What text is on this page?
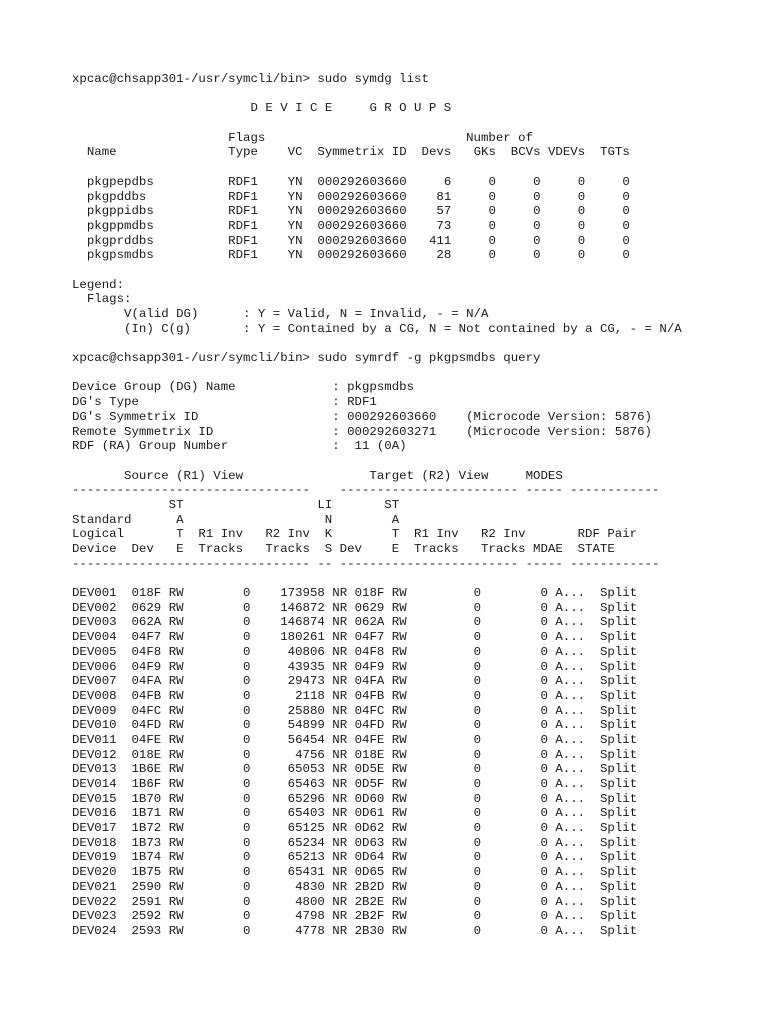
xpcac@chsapp301-/usr/symcli/bin> sudo symdg list
D E V I C E     G R O U P S
Flags	Number of
Name               Type    VC  Symmetrix ID  Devs   GKs  BCVs VDEVs  TGTs
pkgpepdbs          RDF1    YN  000292603660     6     0     0     0     0
pkgpddbs           RDF1    YN  000292603660    81     0     0     0     0
pkgppidbs          RDF1    YN  000292603660    57     0     0     0     0
pkgppmdbs          RDF1    YN  000292603660    73     0     0     0     0
pkgprddbs          RDF1    YN  000292603660   411     0     0     0     0
pkgpsmdbs          RDF1    YN  000292603660    28     0     0     0     0
Legend:
Flags:
V(alid DG)      : Y = Valid, N = Invalid, - = N/A
(In) C(g)       : Y = Contained by a CG, N = Not contained by a CG, - = N/A
xpcac@chsapp301-/usr/symcli/bin> sudo symrdf -g pkgpsmdbs query
Device Group (DG) Name             : pkgpsmdbs
DG's Type                          : RDF1
DG's Symmetrix ID                  : 000292603660    (Microcode Version: 5876)
Remote Symmetrix ID                : 000292603271    (Microcode Version: 5876)
RDF (RA) Group Number              :  11 (0A)
Source (R1) View                 Target (R2) View     MODES
--------------------------------    ------------------------ ----- ------------
ST                  LI       ST
Standard      A                   N        A
Logical       T  R1 Inv   R2 Inv  K        T  R1 Inv   R2 Inv       RDF Pair
Device  Dev   E  Tracks   Tracks  S Dev    E  Tracks   Tracks MDAE  STATE
-------------------------------- -- ------------------------ ----- ------------
DEV001  018F RW        0    173958 NR 018F RW         0        0 A...  Split
DEV002  0629 RW        0    146872 NR 0629 RW         0        0 A...  Split
DEV003  062A RW        0    146874 NR 062A RW         0        0 A...  Split
DEV004  04F7 RW        0    180261 NR 04F7 RW         0        0 A...  Split
DEV005  04F8 RW        0     40806 NR 04F8 RW         0        0 A...  Split
DEV006  04F9 RW        0     43935 NR 04F9 RW         0        0 A...  Split
DEV007  04FA RW        0     29473 NR 04FA RW         0        0 A...  Split
DEV008  04FB RW        0      2118 NR 04FB RW         0        0 A...  Split
DEV009  04FC RW        0     25880 NR 04FC RW         0        0 A...  Split
DEV010  04FD RW        0     54899 NR 04FD RW         0        0 A...  Split
DEV011  04FE RW        0     56454 NR 04FE RW         0        0 A...  Split
DEV012  018E RW        0      4756 NR 018E RW         0        0 A...  Split
DEV013  1B6E RW        0     65053 NR 0D5E RW         0        0 A...  Split
DEV014  1B6F RW        0     65463 NR 0D5F RW         0        0 A...  Split
DEV015  1B70 RW        0     65296 NR 0D60 RW         0        0 A...  Split
DEV016  1B71 RW        0     65403 NR 0D61 RW         0        0 A...  Split
DEV017  1B72 RW        0     65125 NR 0D62 RW         0        0 A...  Split
DEV018  1B73 RW        0     65234 NR 0D63 RW         0        0 A...  Split
DEV019  1B74 RW        0     65213 NR 0D64 RW         0        0 A...  Split
DEV020  1B75 RW        0     65431 NR 0D65 RW         0        0 A...  Split
DEV021  2590 RW        0      4830 NR 2B2D RW         0        0 A...  Split
DEV022  2591 RW        0      4800 NR 2B2E RW         0        0 A...  Split
DEV023  2592 RW        0      4798 NR 2B2F RW         0        0 A...  Split
DEV024  2593 RW        0      4778 NR 2B30 RW         0        0 A...  Split
